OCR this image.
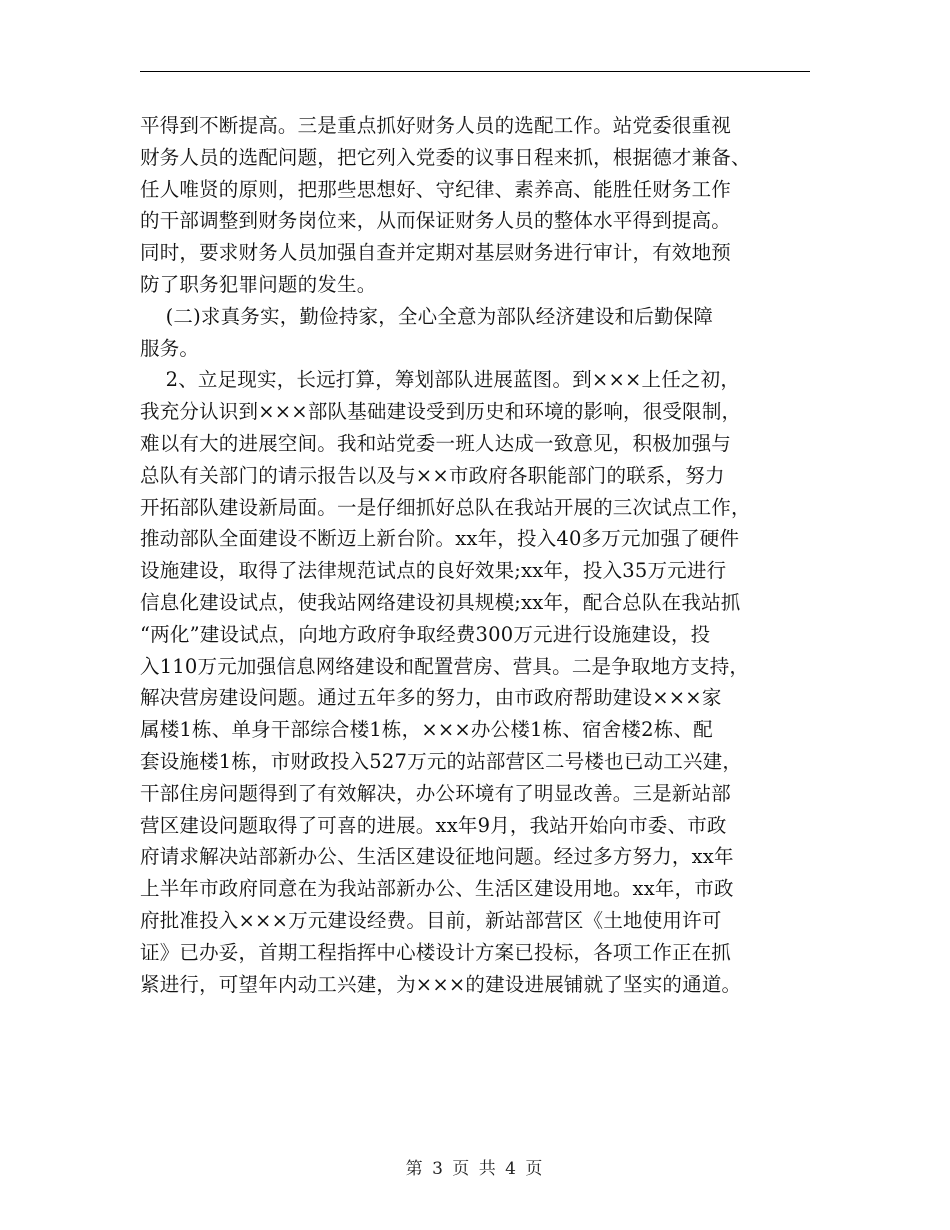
平得到不断提高。三是重点抓好财务人员的选配工作。站党委很重视
财务人员的选配问题，把它列入党委的议事日程来抓，根据德才兼备、
任人唯贤的原则，把那些思想好、守纪律、素养高、能胜任财务工作
的干部调整到财务岗位来，从而保证财务人员的整体水平得到提高。
同时，要求财务人员加强自查并定期对基层财务进行审计，有效地预
防了职务犯罪问题的发生。
(二)求真务实，勤俭持家，全心全意为部队经济建设和后勤保障
服务。
2、立足现实，长远打算，筹划部队进展蓝图。到×××上任之初，
我充分认识到×××部队基础建设受到历史和环境的影响，很受限制，
难以有大的进展空间。我和站党委一班人达成一致意见，积极加强与
总队有关部门的请示报告以及与××市政府各职能部门的联系，努力
开拓部队建设新局面。一是仔细抓好总队在我站开展的三次试点工作，
推动部队全面建设不断迈上新台阶。xx年，投入40多万元加强了硬件
设施建设，取得了法律规范试点的良好效果;xx年，投入35万元进行
信息化建设试点，使我站网络建设初具规模;xx年，配合总队在我站抓
“两化”建设试点，向地方政府争取经费300万元进行设施建设，投
入110万元加强信息网络建设和配置营房、营具。二是争取地方支持，
解决营房建设问题。通过五年多的努力，由市政府帮助建设×××家
属楼1栋、单身干部综合楼1栋，×××办公楼1栋、宿舍楼2栋、配
套设施楼1栋，市财政投入527万元的站部营区二号楼也已动工兴建，
干部住房问题得到了有效解决，办公环境有了明显改善。三是新站部
营区建设问题取得了可喜的进展。xx年9月，我站开始向市委、市政
府请求解决站部新办公、生活区建设征地问题。经过多方努力，xx年
上半年市政府同意在为我站部新办公、生活区建设用地。xx年，市政
府批准投入×××万元建设经费。目前，新站部营区《土地使用许可
证》已办妥，首期工程指挥中心楼设计方案已投标，各项工作正在抓
紧进行，可望年内动工兴建，为×××的建设进展铺就了坚实的通道。
第 3 页 共 4 页
